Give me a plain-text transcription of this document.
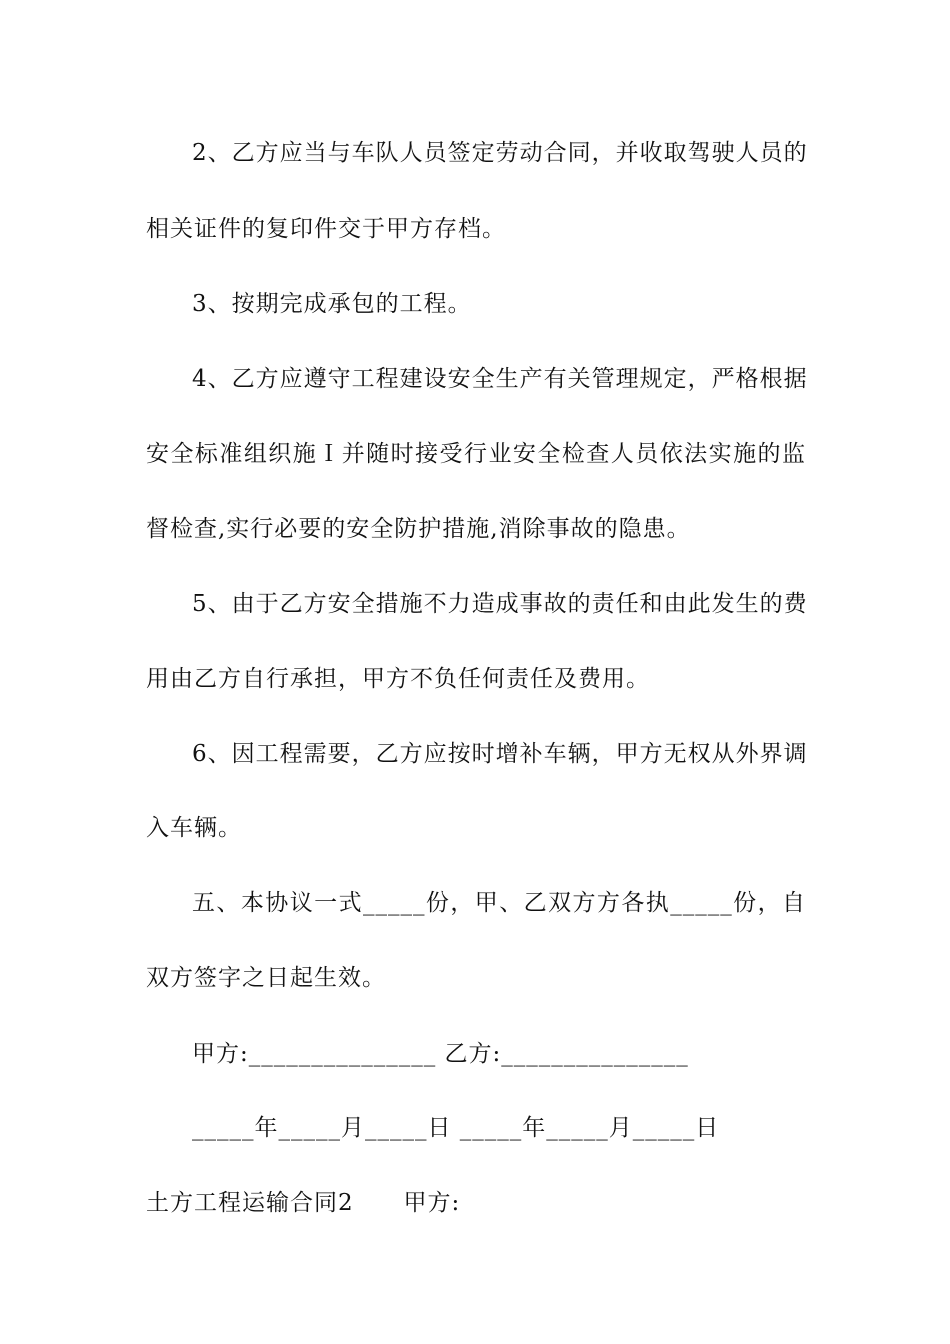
2、乙方应当与车队人员签定劳动合同，并收取驾驶人员的
相关证件的复印件交于甲方存档。
3、按期完成承包的工程。
4、乙方应遵守工程建设安全生产有关管理规定，严格根据
安全标准组织施Ｉ并随时接受行业安全检查人员依法实施的监
督检查,实行必要的安全防护措施,消除事故的隐患。
5、由于乙方安全措施不力造成事故的责任和由此发生的费
用由乙方自行承担，甲方不负任何责任及费用。
6、因工程需要，乙方应按时增补车辆，甲方无权从外界调
入车辆。
五、本协议一式_____份，甲、乙双方方各执_____份，自
双方签字之日起生效。
甲方:_______________ 乙方:_______________
_____年_____月_____日 _____年_____月_____日
土方工程运输合同2      甲方:
